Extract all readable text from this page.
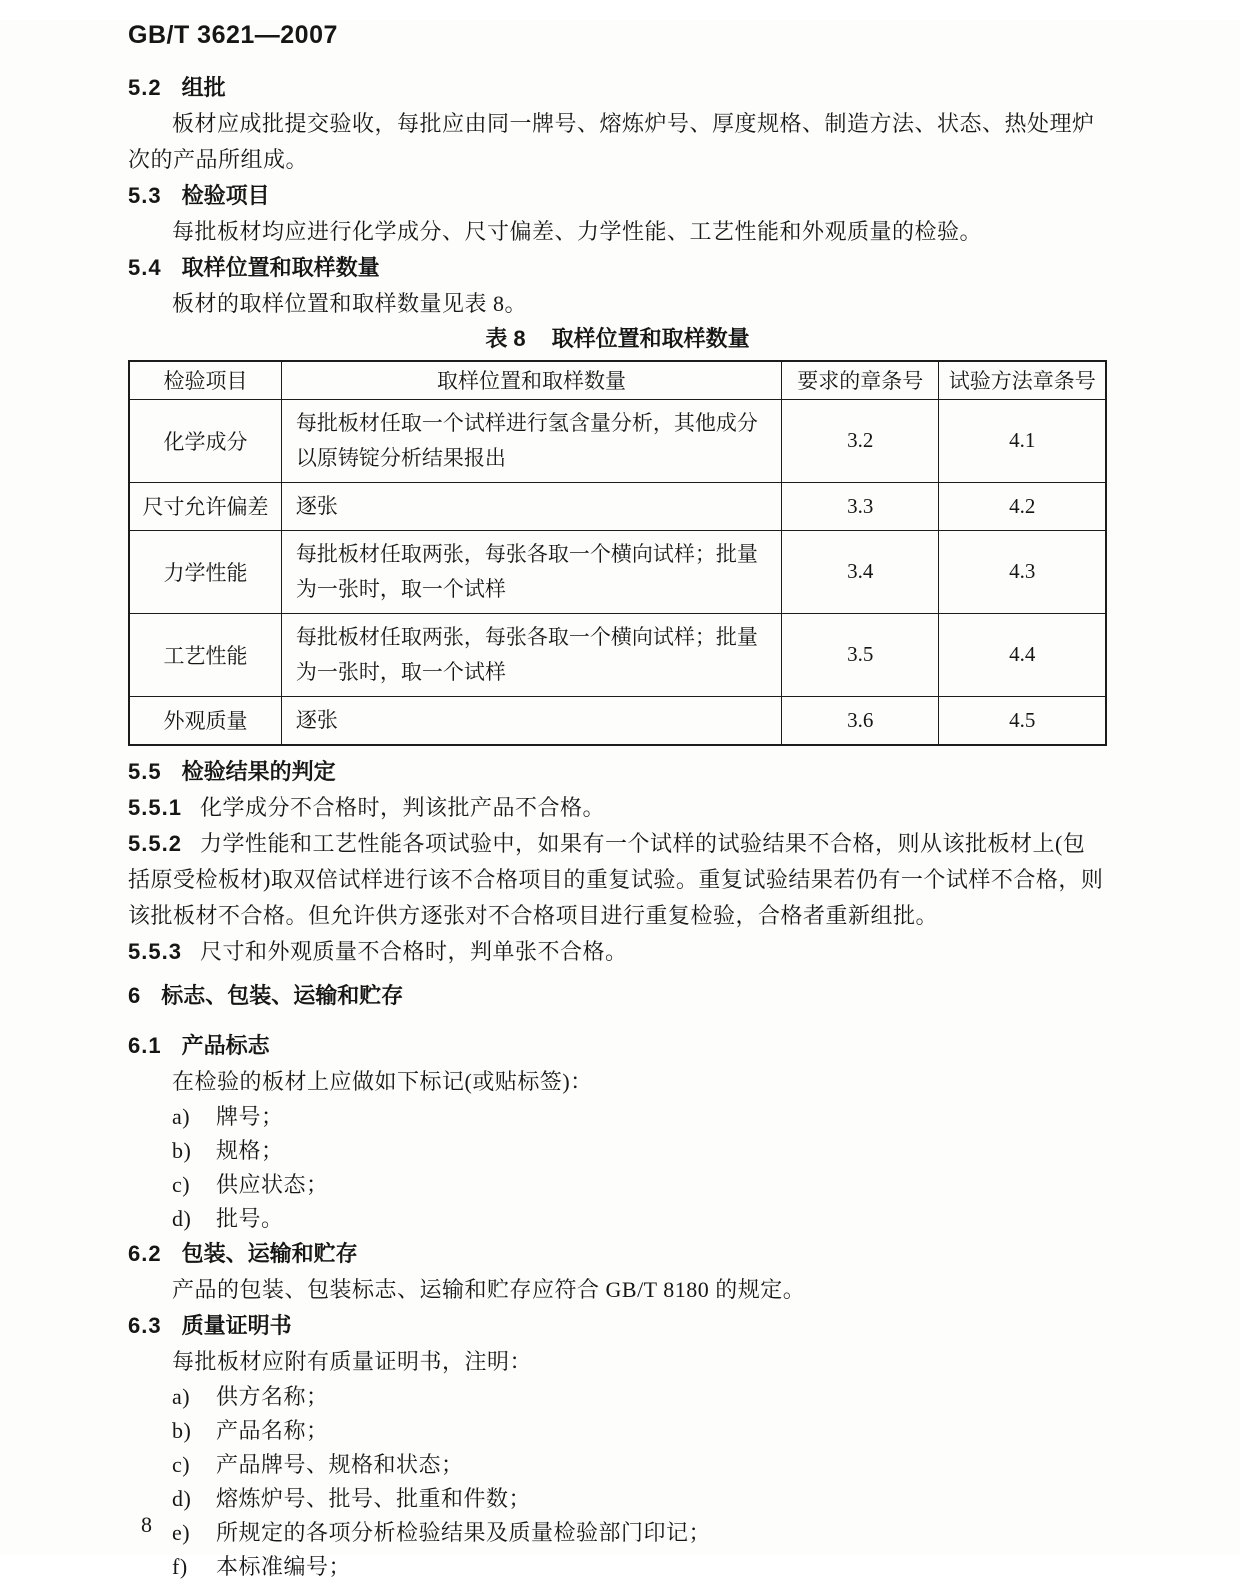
GB/T 3621—2007
5.2 组批
板材应成批提交验收，每批应由同一牌号、熔炼炉号、厚度规格、制造方法、状态、热处理炉次的产品所组成。
5.3 检验项目
每批板材均应进行化学成分、尺寸偏差、力学性能、工艺性能和外观质量的检验。
5.4 取样位置和取样数量
板材的取样位置和取样数量见表 8。
表 8 取样位置和取样数量
检验项目	取样位置和取样数量	要求的章条号	试验方法章条号
化学成分	每批板材任取一个试样进行氢含量分析，其他成分以原铸锭分析结果报出	3.2	4.1
尺寸允许偏差	逐张	3.3	4.2
力学性能	每批板材任取两张，每张各取一个横向试样；批量为一张时，取一个试样	3.4	4.3
工艺性能	每批板材任取两张，每张各取一个横向试样；批量为一张时，取一个试样	3.5	4.4
外观质量	逐张	3.6	4.5
5.5 检验结果的判定
5.5.1 化学成分不合格时，判该批产品不合格。
5.5.2 力学性能和工艺性能各项试验中，如果有一个试样的试验结果不合格，则从该批板材上(包括原受检板材)取双倍试样进行该不合格项目的重复试验。重复试验结果若仍有一个试样不合格，则该批板材不合格。但允许供方逐张对不合格项目进行重复检验，合格者重新组批。
5.5.3 尺寸和外观质量不合格时，判单张不合格。
6 标志、包装、运输和贮存
6.1 产品标志
在检验的板材上应做如下标记(或贴标签)：
a)	牌号；
b)	规格；
c)	供应状态；
d)	批号。
6.2 包装、运输和贮存
产品的包装、包装标志、运输和贮存应符合 GB/T 8180 的规定。
6.3 质量证明书
每批板材应附有质量证明书，注明：
a)	供方名称；
b)	产品名称；
c)	产品牌号、规格和状态；
d)	熔炼炉号、批号、批重和件数；
e)	所规定的各项分析检验结果及质量检验部门印记；
f)	本标准编号；
8
